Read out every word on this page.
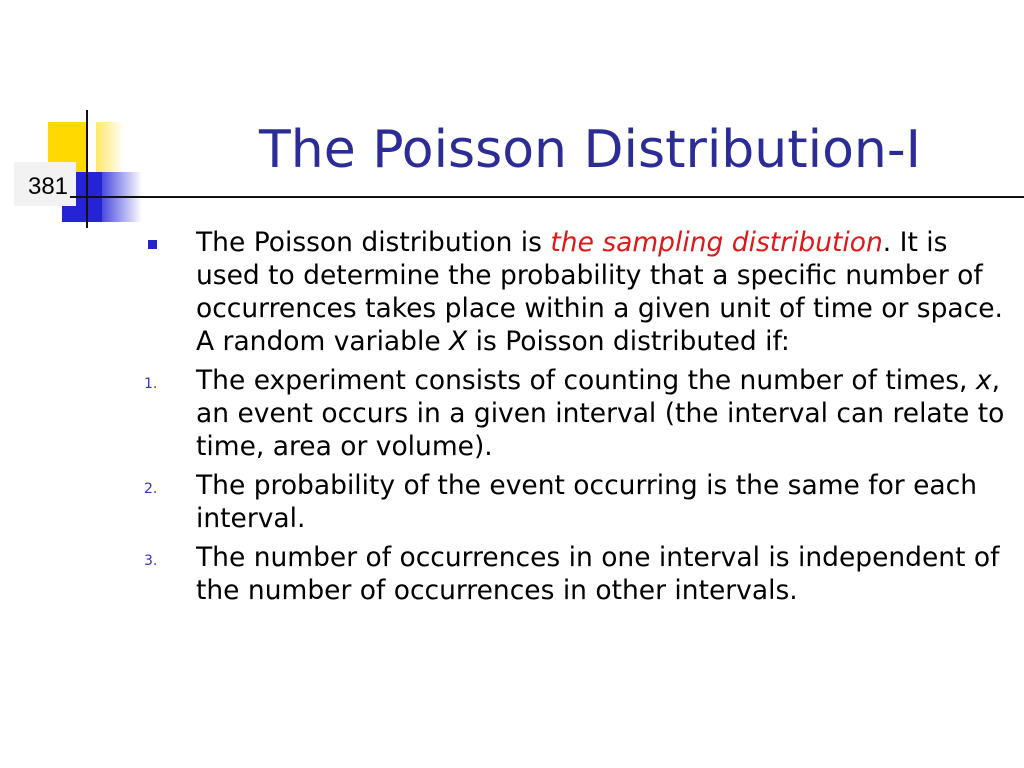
381
The Poisson Distribution-I
The Poisson distribution is the sampling distribution. It is used to determine the probability that a specific number of occurrences takes place within a given unit of time or space. A random variable X is Poisson distributed if:
1. The experiment consists of counting the number of times, x, an event occurs in a given interval (the interval can relate to time, area or volume).
2. The probability of the event occurring is the same for each interval.
3. The number of occurrences in one interval is independent of the number of occurrences in other intervals.
